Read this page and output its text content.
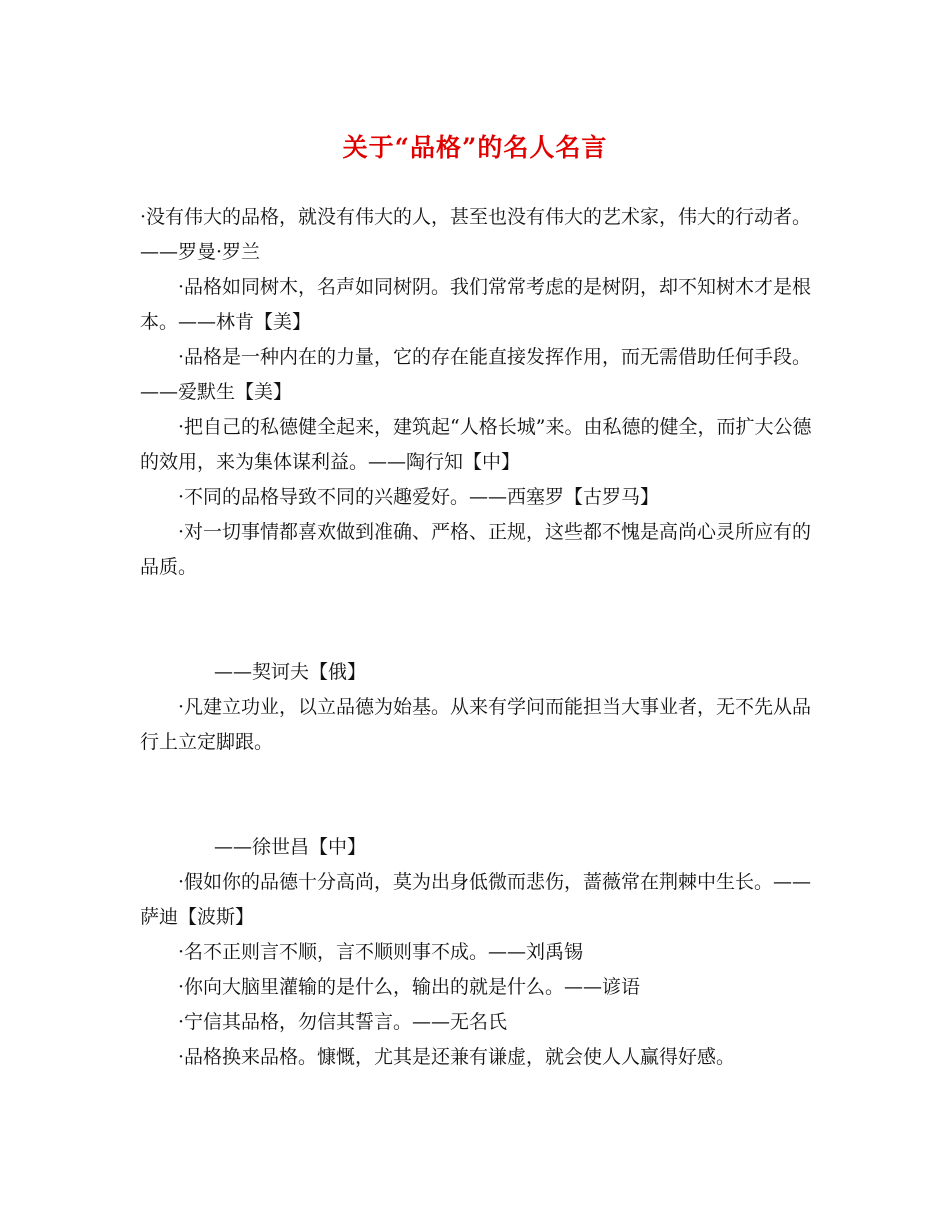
关于“品格”的名人名言

·没有伟大的品格，就没有伟大的人，甚至也没有伟大的艺术家，伟大的行动者。——罗曼·罗兰

·品格如同树木，名声如同树阴。我们常常考虑的是树阴，却不知树木才是根本。——林肯【美】

·品格是一种内在的力量，它的存在能直接发挥作用，而无需借助任何手段。——爱默生【美】

·把自己的私德健全起来，建筑起“人格长城”来。由私德的健全，而扩大公德的效用，来为集体谋利益。——陶行知【中】

·不同的品格导致不同的兴趣爱好。——西塞罗【古罗马】

·对一切事情都喜欢做到准确、严格、正规，这些都不愧是高尚心灵所应有的品质。

——契诃夫【俄】

·凡建立功业，以立品德为始基。从来有学问而能担当大事业者，无不先从品行上立定脚跟。

——徐世昌【中】

·假如你的品德十分高尚，莫为出身低微而悲伤，蔷薇常在荆棘中生长。——萨迪【波斯】

·名不正则言不顺，言不顺则事不成。——刘禹锡

·你向大脑里灌输的是什么，输出的就是什么。——谚语

·宁信其品格，勿信其誓言。——无名氏

·品格换来品格。慷慨，尤其是还兼有谦虚，就会使人人赢得好感。
